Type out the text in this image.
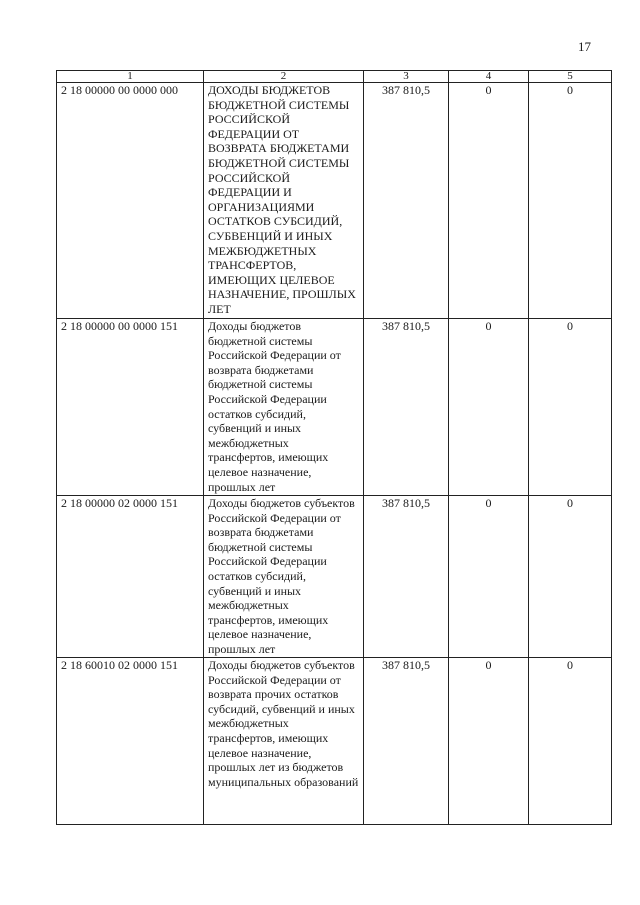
17
1	2	3	4	5
2 18 00000 00 0000 000	ДОХОДЫ БЮДЖЕТОВ БЮДЖЕТНОЙ СИСТЕМЫ РОССИЙСКОЙ ФЕДЕРАЦИИ ОТ ВОЗВРАТА БЮДЖЕТАМИ БЮДЖЕТНОЙ СИСТЕМЫ РОССИЙСКОЙ ФЕДЕРАЦИИ И ОРГАНИЗАЦИЯМИ ОСТАТКОВ СУБСИДИЙ, СУБВЕНЦИЙ И ИНЫХ МЕЖБЮДЖЕТНЫХ ТРАНСФЕРТОВ, ИМЕЮЩИХ ЦЕЛЕВОЕ НАЗНАЧЕНИЕ, ПРОШЛЫХ ЛЕТ	387 810,5	0	0
2 18 00000 00 0000 151	Доходы бюджетов бюджетной системы Российской Федерации от возврата бюджетами бюджетной системы Российской Федерации остатков субсидий, субвенций и иных межбюджетных трансфертов, имеющих целевое назначение, прошлых лет	387 810,5	0	0
2 18 00000 02 0000 151	Доходы бюджетов субъектов Российской Федерации от возврата бюджетами бюджетной системы Российской Федерации остатков субсидий, субвенций и иных межбюджетных трансфертов, имеющих целевое назначение, прошлых лет	387 810,5	0	0
2 18 60010 02 0000 151	Доходы бюджетов субъектов Российской Федерации от возврата прочих остатков субсидий, субвенций и иных межбюджетных трансфертов, имеющих целевое назначение, прошлых лет из бюджетов муниципальных образований	387 810,5	0	0
